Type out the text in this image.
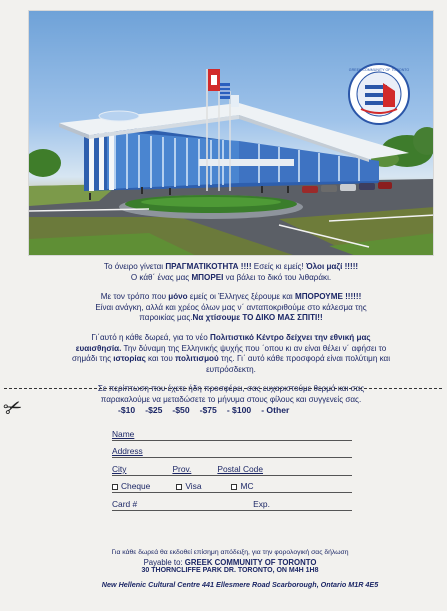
GREEK COMMUNITY OF TORONTO

Το όνειρο γίνεται ΠΡΑΓΜΑΤΙΚΟΤΗΤΑ !!!! Εσείς κι εμείς! Όλοι μαζί !!!!!
Ο κάθ΄ ένας μας ΜΠΟΡΕΙ να βάλει το δικό του λιθαράκι.

Με τον τρόπο που μόνο εμείς οι Έλληνες ξέρουμε και ΜΠΟΡΟΥΜΕ !!!!!!
Είναι ανάγκη, αλλά και χρέος όλων μας ν΄ ανταποκριθούμε στο κάλεσμα της
παροικίας μας.Να χτίσουμε ΤΟ ΔΙΚΟ ΜΑΣ ΣΠΙΤΙ!!

Γι΄αυτό η κάθε δωρεά, για το νέο Πολιτιστικό Κέντρο δείχνει την εθνική μας
ευαισθησία. Την δύναμη της Ελληνικής ψυχής που ΄οπου κι αν είναι θέλει ν΄ αφήσει το
σημάδι της ιστορίας και του πολιτισμού της. Γι΄ αυτό κάθε προσφορά είναι πολύτιμη και
ευπρόσδεκτη.

Σε περίπτωση που έχετε ήδη προσφέρει, σας ευχαριστούμε θερμά και σας
παρακαλούμε να μεταδώσετε το μήνυμα στους φίλους και συγγενείς σας.

✂	-$10 -$25 -$50 -$75 - $100 - Other
Name
Address
City	Prov.	Postal Code
Cheque	Visa	MC
Card #	Exp.
Για κάθε δωρεά θα εκδοθεί επίσημη απόδειξη, για την φορολογική σας δήλωση
Payable to: GREEK COMMUNITY OF TORONTO
30 THORNCLIFFE PARK DR. TORONTO, ON M4H 1H8
New Hellenic Cultural Centre 441 Ellesmere Road Scarborough, Ontario M1R 4E5
